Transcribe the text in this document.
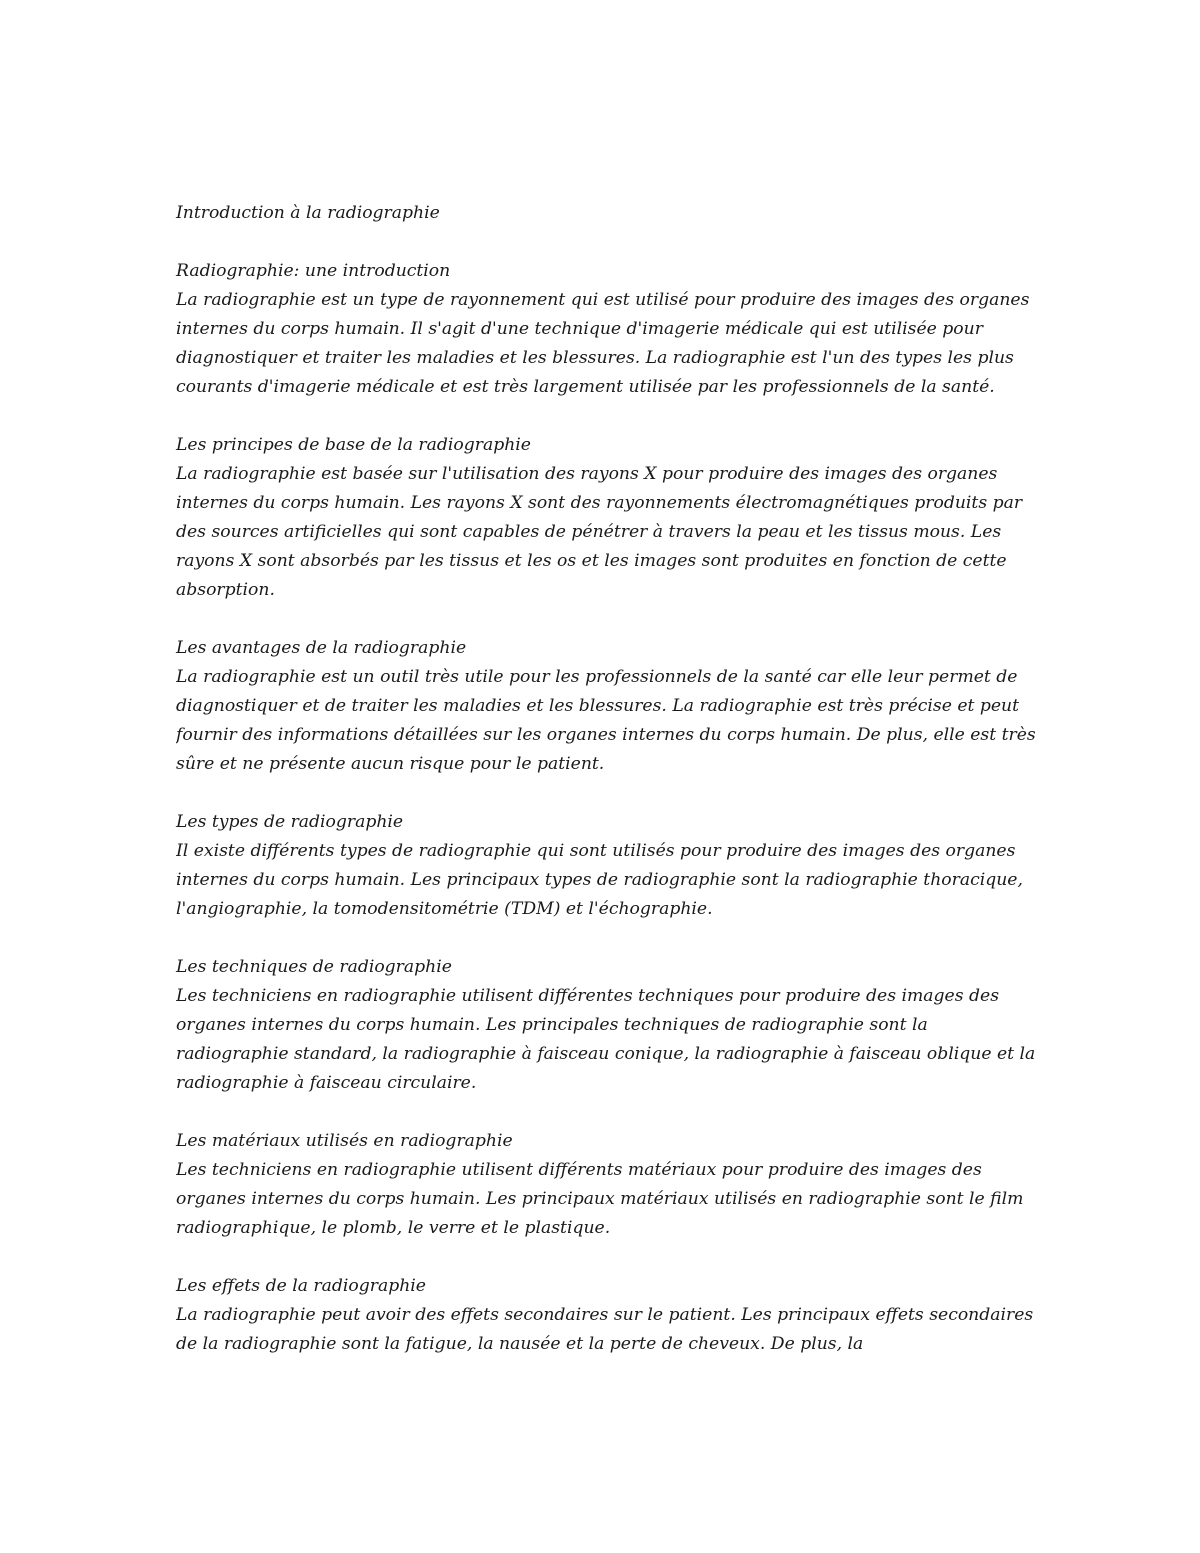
Introduction à la radiographie

Radiographie: une introduction

La radiographie est un type de rayonnement qui est utilisé pour produire des images des organes internes du corps humain. Il s'agit d'une technique d'imagerie médicale qui est utilisée pour diagnostiquer et traiter les maladies et les blessures. La radiographie est l'un des types les plus courants d'imagerie médicale et est très largement utilisée par les professionnels de la santé.

Les principes de base de la radiographie

La radiographie est basée sur l'utilisation des rayons X pour produire des images des organes internes du corps humain. Les rayons X sont des rayonnements électromagnétiques produits par des sources artificielles qui sont capables de pénétrer à travers la peau et les tissus mous. Les rayons X sont absorbés par les tissus et les os et les images sont produites en fonction de cette absorption.

Les avantages de la radiographie

La radiographie est un outil très utile pour les professionnels de la santé car elle leur permet de diagnostiquer et de traiter les maladies et les blessures. La radiographie est très précise et peut fournir des informations détaillées sur les organes internes du corps humain. De plus, elle est très sûre et ne présente aucun risque pour le patient.

Les types de radiographie

Il existe différents types de radiographie qui sont utilisés pour produire des images des organes internes du corps humain. Les principaux types de radiographie sont la radiographie thoracique, l'angiographie, la tomodensitométrie (TDM) et l'échographie.

Les techniques de radiographie

Les techniciens en radiographie utilisent différentes techniques pour produire des images des organes internes du corps humain. Les principales techniques de radiographie sont la radiographie standard, la radiographie à faisceau conique, la radiographie à faisceau oblique et la radiographie à faisceau circulaire.

Les matériaux utilisés en radiographie

Les techniciens en radiographie utilisent différents matériaux pour produire des images des organes internes du corps humain. Les principaux matériaux utilisés en radiographie sont le film radiographique, le plomb, le verre et le plastique.

Les effets de la radiographie

La radiographie peut avoir des effets secondaires sur le patient. Les principaux effets secondaires de la radiographie sont la fatigue, la nausée et la perte de cheveux. De plus, la
